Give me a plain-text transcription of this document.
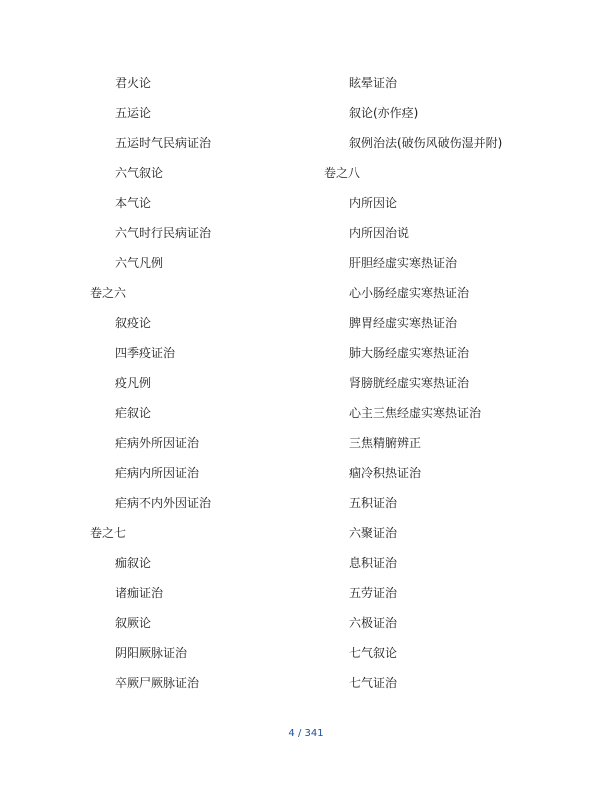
君火论
五运论
五运时气民病证治
六气叙论
本气论
六气时行民病证治
六气凡例
卷之六
叙疫论
四季疫证治
疫凡例
疟叙论
疟病外所因证治
疟病内所因证治
疟病不内外因证治
卷之七
痂叙论
诸痂证治
叙厥论
阴阳厥脉证治
卒厥尸厥脉证治
眩晕证治
叙论(亦作痉)
叙例治法(破伤风破伤湿并附)
卷之八
内所因论
内所因治说
肝胆经虚实寒热证治
心小肠经虚实寒热证治
脾胃经虚实寒热证治
肺大肠经虚实寒热证治
肾膀胱经虚实寒热证治
心主三焦经虚实寒热证治
三焦精腑辨正
痼冷积热证治
五积证治
六聚证治
息积证治
五劳证治
六极证治
七气叙论
七气证治
4 / 341
